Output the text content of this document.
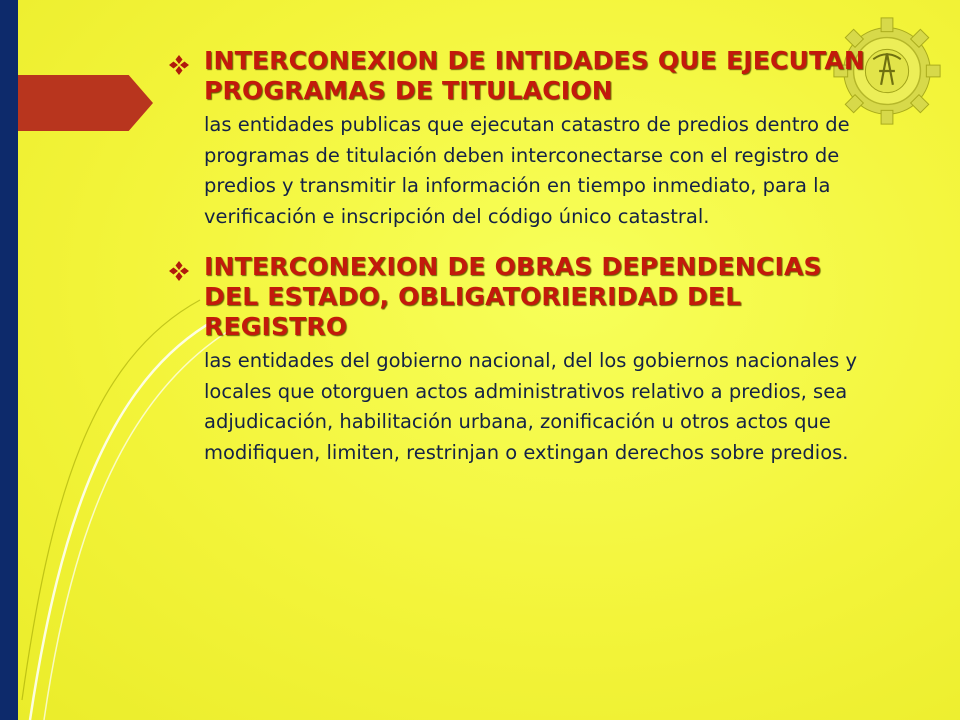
INTERCONEXION DE INTIDADES QUE EJECUTAN PROGRAMAS DE TITULACION

las entidades publicas que ejecutan catastro de predios dentro de programas de titulación deben interconectarse con el registro de predios y transmitir la información en tiempo inmediato, para la verificación e inscripción del código único catastral.

INTERCONEXION DE OBRAS DEPENDENCIAS DEL ESTADO, OBLIGATORIERIDAD DEL REGISTRO

las entidades del gobierno nacional, del los gobiernos nacionales y locales que otorguen actos administrativos relativo a predios, sea adjudicación, habilitación urbana, zonificación u otros actos que modifiquen, limiten, restrinjan o extingan derechos sobre predios.
